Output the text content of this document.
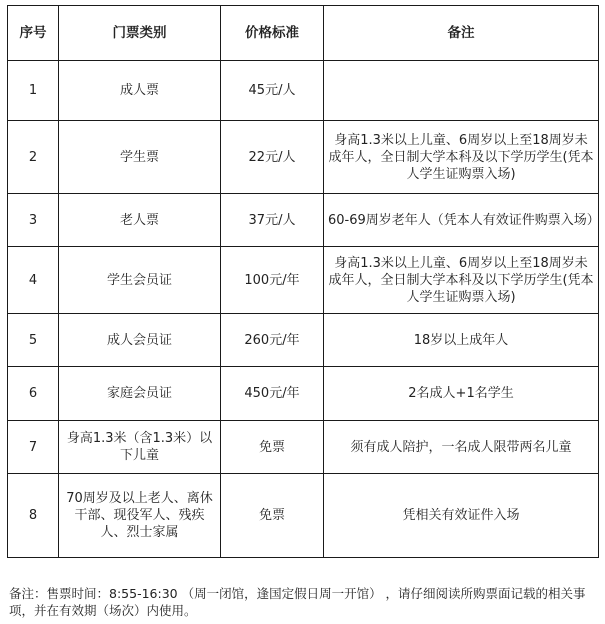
序号	门票类别	价格标准	备注
1	成人票	45元/人	
2	学生票	22元/人	身高1.3米以上儿童、6周岁以上至18周岁未成年人，全日制大学本科及以下学历学生(凭本人学生证购票入场)
3	老人票	37元/人	60-69周岁老年人（凭本人有效证件购票入场）
4	学生会员证	100元/年	身高1.3米以上儿童、6周岁以上至18周岁未成年人，全日制大学本科及以下学历学生(凭本人学生证购票入场)
5	成人会员证	260元/年	18岁以上成年人
6	家庭会员证	450元/年	2名成人+1名学生
7	身高1.3米（含1.3米）以下儿童	免票	须有成人陪护，一名成人限带两名儿童
8	70周岁及以上老人、离休干部、现役军人、残疾人、烈士家属	免票	凭相关有效证件入场
备注：售票时间：8:55-16:30 （周一闭馆，逢国定假日周一开馆） ，请仔细阅读所购票面记载的相关事项，并在有效期（场次）内使用。
